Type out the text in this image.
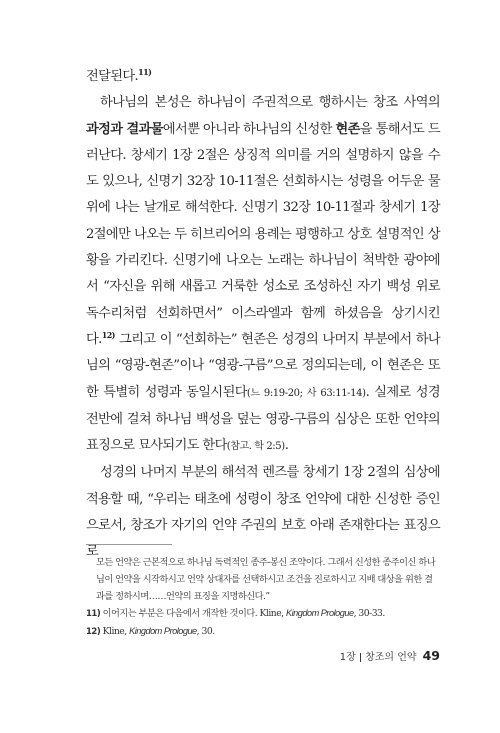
전달된다.$^{11)}$

하나님의 본성은 하나님이 주권적으로 행하시는 창조 사역의 과정과 결과물에서뿐 아니라 하나님의 신성한 현존을 통해서도 드러난다. 창세기 1장 2절은 상징적 의미를 거의 설명하지 않을 수도 있으나, 신명기 32장 10-11절은 선회하시는 성령을 어두운 물 위에 나는 날개로 해석한다. 신명기 32장 10-11절과 창세기 1장 2절에만 나오는 두 히브리어의 용례는 평행하고 상호 설명적인 상황을 가리킨다. 신명기에 나오는 노래는 하나님이 척박한 광야에서 “자신을 위해 새롭고 거룩한 성소로 조성하신 자기 백성 위로 독수리처럼 선회하면서” 이스라엘과 함께 하셨음을 상기시킨다.$^{12)}$ 그리고 이 “선회하는” 현존은 성경의 나머지 부분에서 하나님의 “영광-현존”이나 “영광-구름”으로 정의되는데, 이 현존은 또한 특별히 성령과 동일시된다(느 9:19-20; 사 63:11-14). 실제로 성경 전반에 걸쳐 하나님 백성을 덮는 영광-구름의 심상은 또한 언약의 표징으로 묘사되기도 한다(참고. 학 2:5).

성경의 나머지 부분의 해석적 렌즈를 창세기 1장 2절의 심상에 적용할 때, “우리는 태초에 성령이 창조 언약에 대한 신성한 증인으로서, 창조가 자기의 언약 주권의 보호 아래 존재한다는 표징으로

모든 언약은 근본적으로 하나님 독력적인 종주-봉신 조약이다. 그래서 신성한 종주이신 하나님이 언약을 시작하시고 언약 상대자를 선택하시고 조건을 진로하시고 지배 대상을 위한 결과를 정하시며……언약의 표징을 지명하신다.”

11) 이어지는 부분은 다음에서 개작한 것이다. Kline, Kingdom Prologue, 30-33.

12) Kline, Kingdom Prologue, 30.

1장 ǀ 창조의 언약 49
